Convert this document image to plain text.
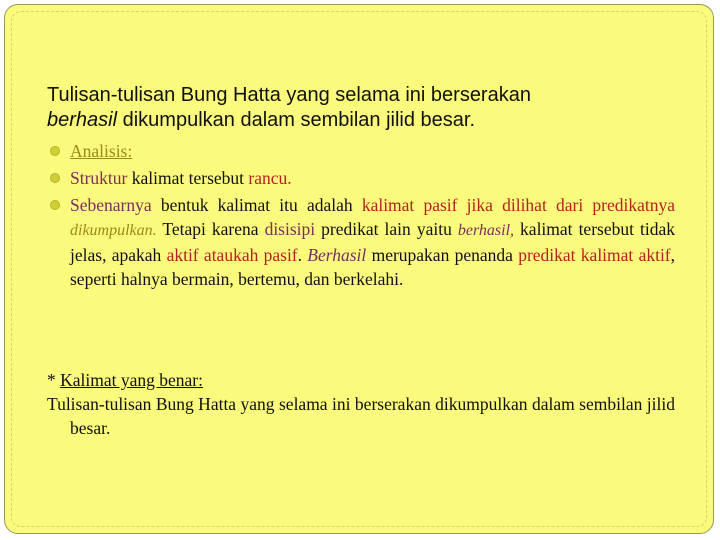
Tulisan-tulisan Bung Hatta yang selama ini berserakan
berhasil dikumpulkan dalam sembilan jilid besar.
Analisis:
Struktur kalimat tersebut rancu.
Sebenarnya bentuk kalimat itu adalah kalimat pasif jika dilihat dari predikatnya dikumpulkan. Tetapi karena disisipi predikat lain yaitu berhasil, kalimat tersebut tidak jelas, apakah aktif ataukah pasif. Berhasil merupakan penanda predikat kalimat aktif, seperti halnya bermain, bertemu, dan berkelahi.
* Kalimat yang benar:
Tulisan-tulisan Bung Hatta yang selama ini berserakan dikumpulkan dalam sembilan jilid besar.
